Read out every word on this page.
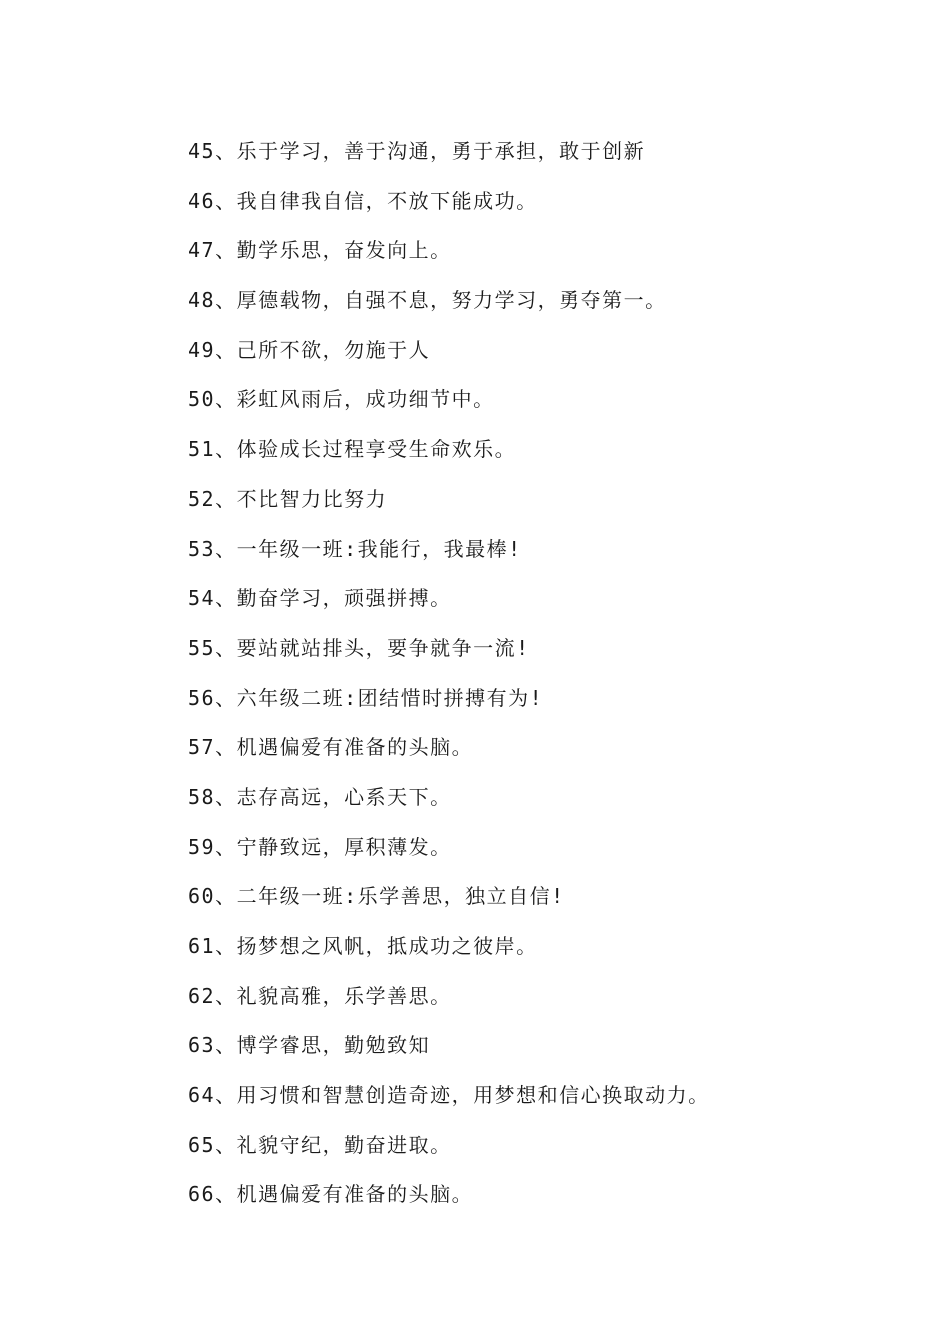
45、乐于学习，善于沟通，勇于承担，敢于创新
46、我自律我自信，不放下能成功。
47、勤学乐思，奋发向上。
48、厚德载物，自强不息，努力学习，勇夺第一。
49、己所不欲，勿施于人
50、彩虹风雨后，成功细节中。
51、体验成长过程享受生命欢乐。
52、不比智力比努力
53、一年级一班:我能行，我最棒!
54、勤奋学习，顽强拼搏。
55、要站就站排头，要争就争一流!
56、六年级二班:团结惜时拼搏有为!
57、机遇偏爱有准备的头脑。
58、志存高远，心系天下。
59、宁静致远，厚积薄发。
60、二年级一班:乐学善思，独立自信!
61、扬梦想之风帆，抵成功之彼岸。
62、礼貌高雅，乐学善思。
63、博学睿思，勤勉致知
64、用习惯和智慧创造奇迹，用梦想和信心换取动力。
65、礼貌守纪，勤奋进取。
66、机遇偏爱有准备的头脑。
